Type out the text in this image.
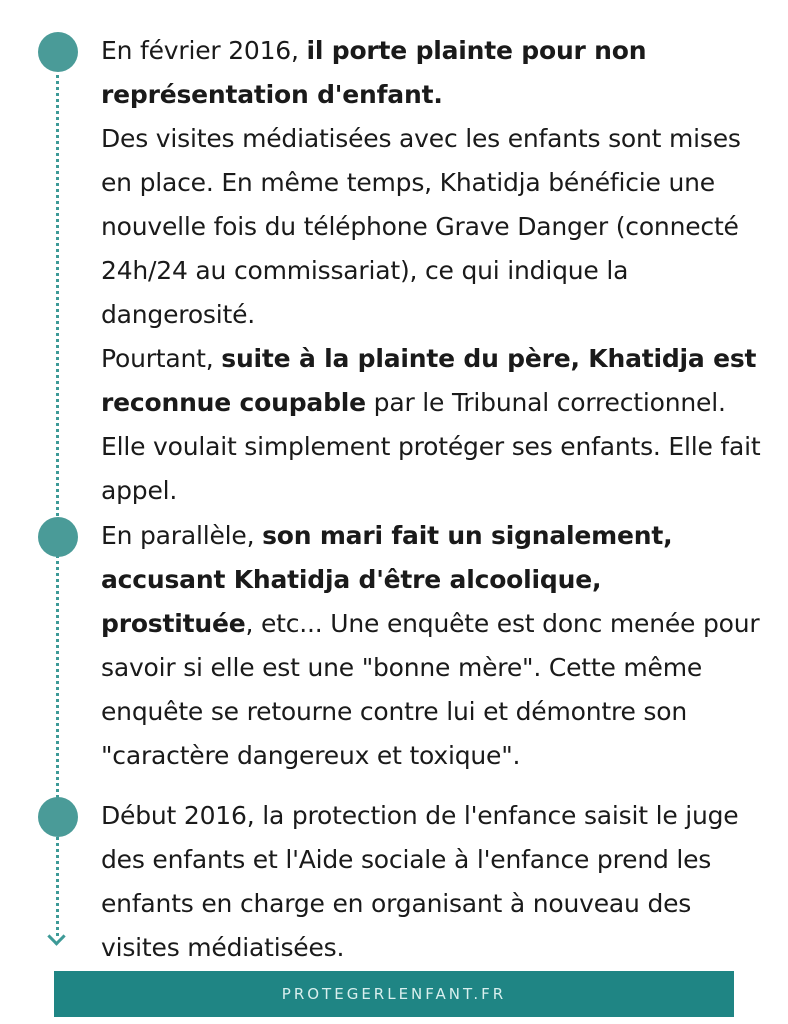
En février 2016, il porte plainte pour non représentation d'enfant.

Des visites médiatisées avec les enfants sont mises en place. En même temps, Khatidja bénéficie une nouvelle fois du téléphone Grave Danger (connecté 24h/24 au commissariat), ce qui indique la dangerosité.

Pourtant, suite à la plainte du père, Khatidja est reconnue coupable par le Tribunal correctionnel. Elle voulait simplement protéger ses enfants. Elle fait appel.

En parallèle, son mari fait un signalement, accusant Khatidja d'être alcoolique, prostituée, etc... Une enquête est donc menée pour savoir si elle est une "bonne mère". Cette même enquête se retourne contre lui et démontre son "caractère dangereux et toxique".

Début 2016, la protection de l'enfance saisit le juge des enfants et l'Aide sociale à l'enfance prend les enfants en charge en organisant à nouveau des visites médiatisées.

PROTEGERLENFANT.FR
